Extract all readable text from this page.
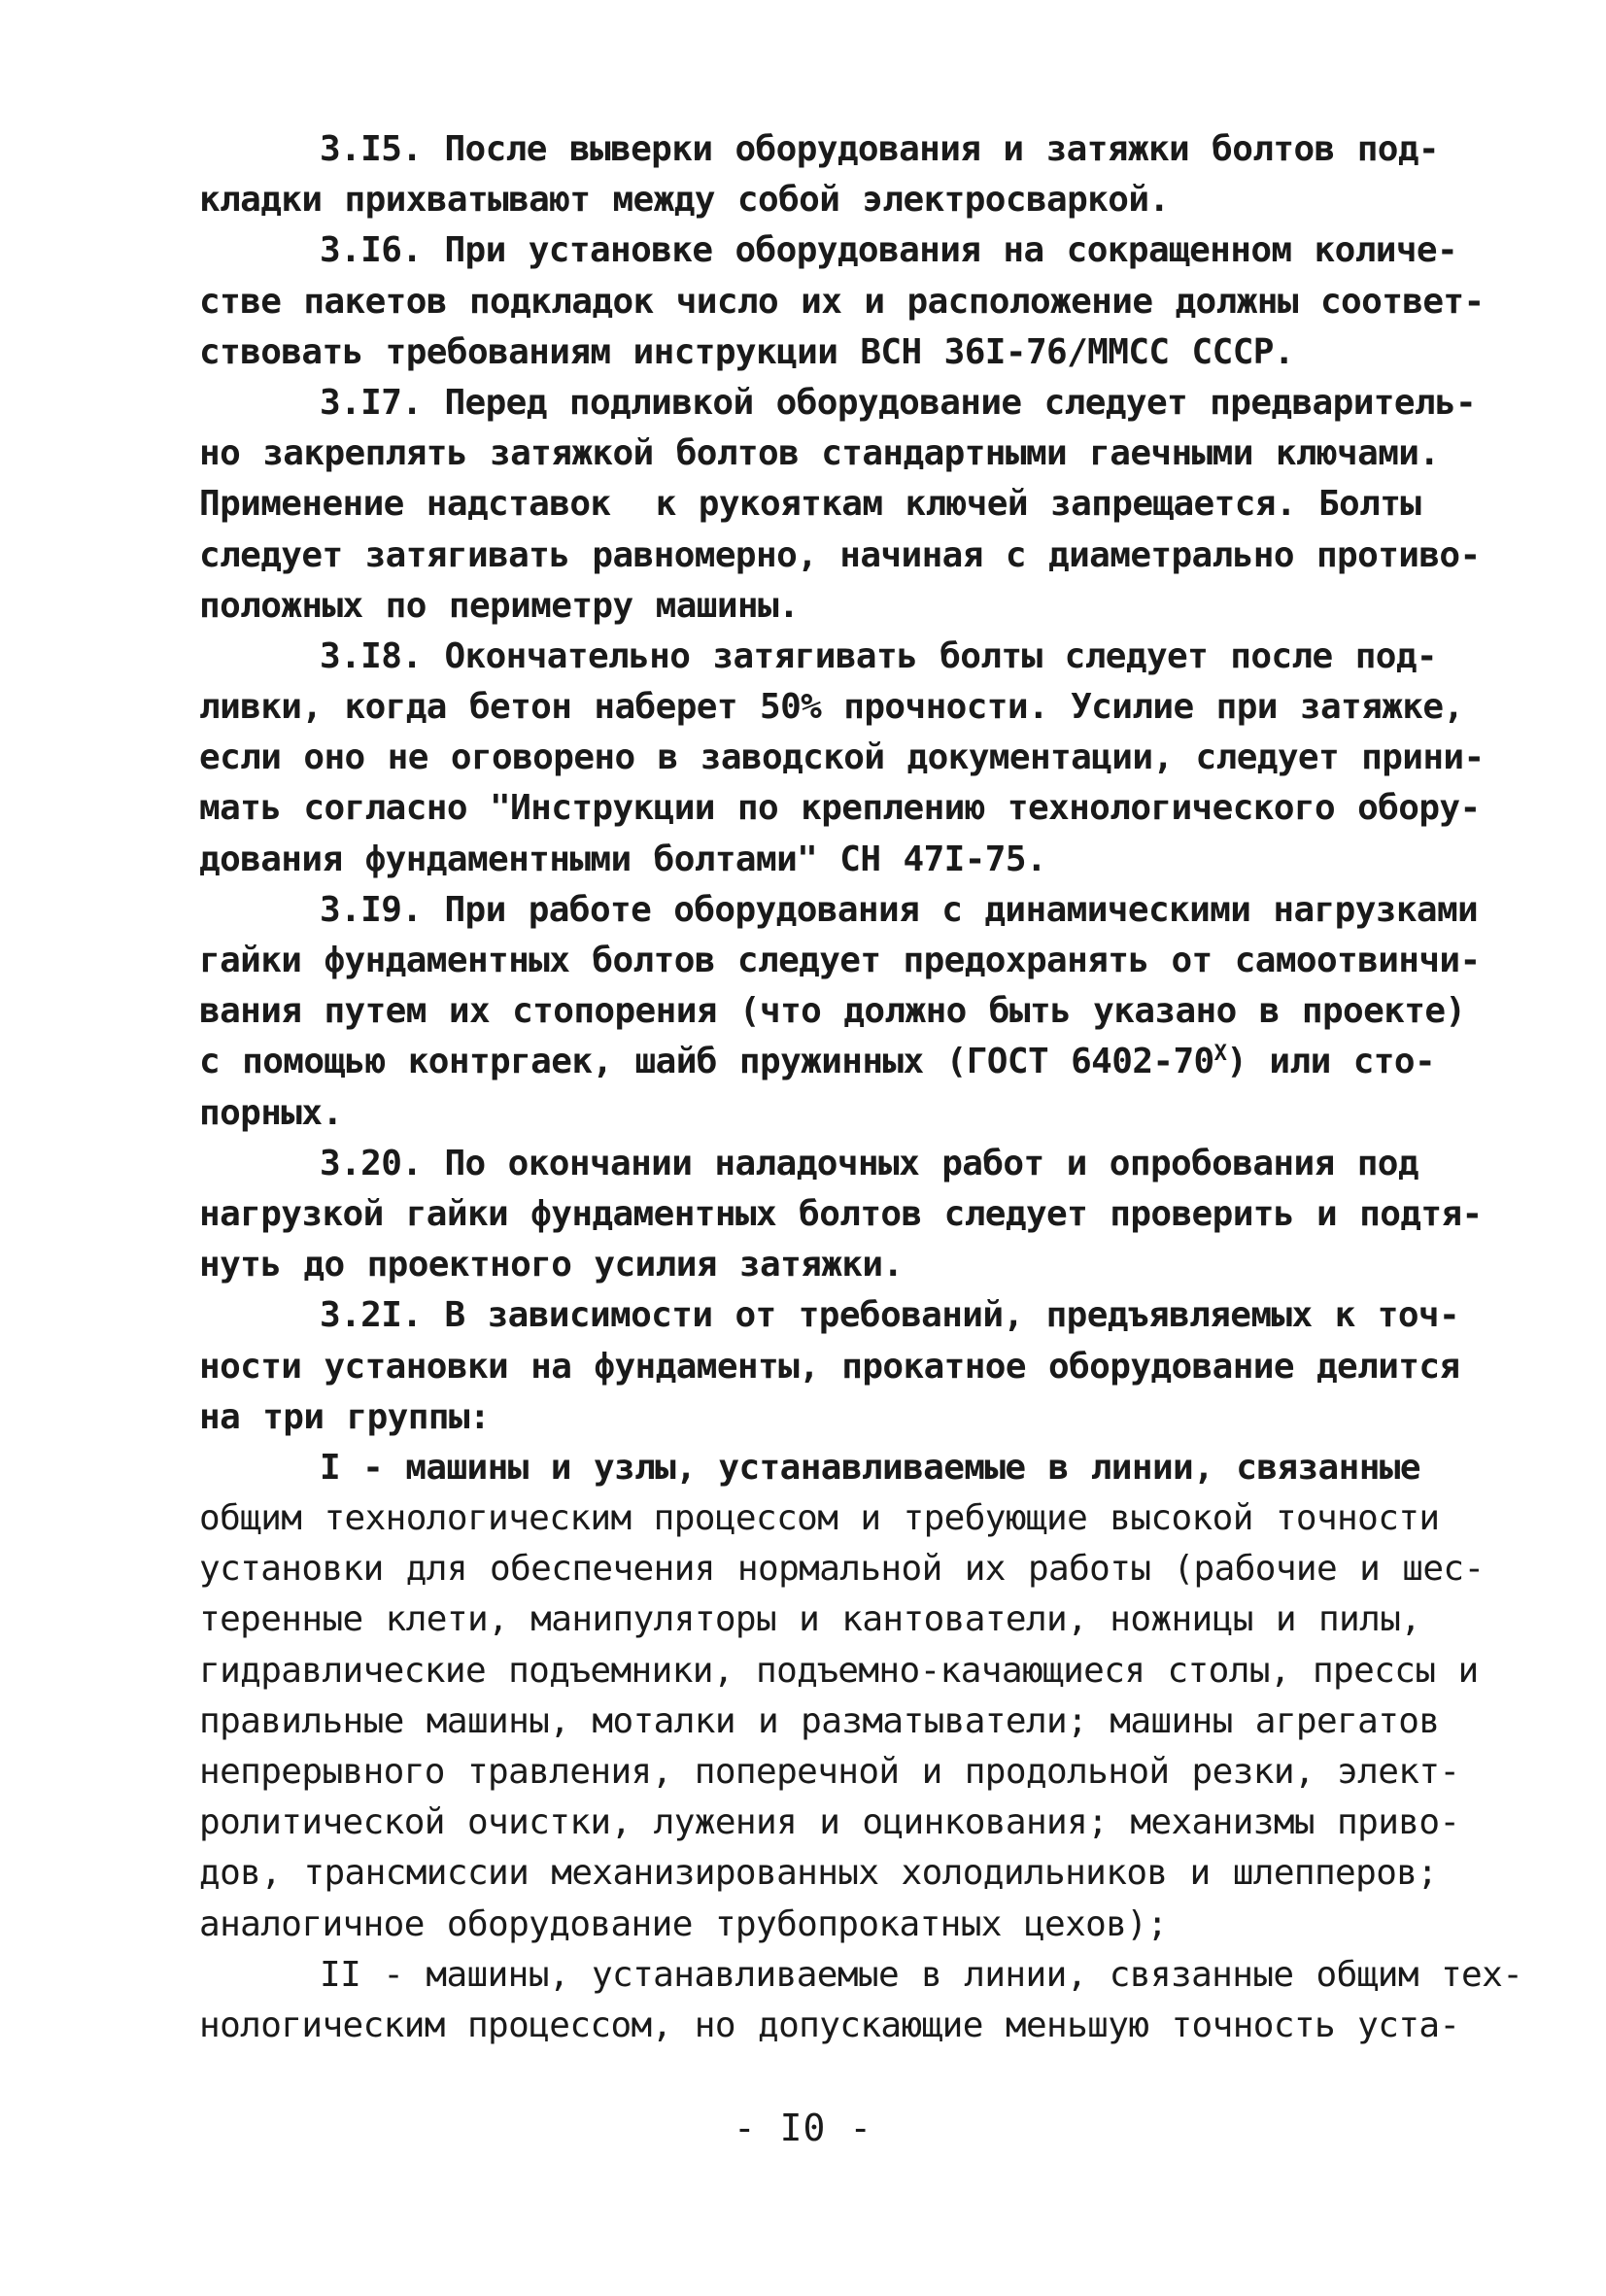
3.I5. После выверки оборудования и затяжки болтов под-
кладки прихватывают между собой электросваркой.
3.I6. При установке оборудования на сокращенном количе-
стве пакетов подкладок число их и расположение должны соответ-
ствовать требованиям инструкции ВСН 36I-76/ММСС СССР.
3.I7. Перед подливкой оборудование следует предваритель-
но закреплять затяжкой болтов стандартными гаечными ключами.
Применение надставок  к рукояткам ключей запрещается. Болты
следует затягивать равномерно, начиная с диаметрально противо-
положных по периметру машины.
3.I8. Окончательно затягивать болты следует после под-
ливки, когда бетон наберет 50% прочности. Усилие при затяжке,
если оно не оговорено в заводской документации, следует прини-
мать согласно "Инструкции по креплению технологического обору-
дования фундаментными болтами" СН 47I-75.
3.I9. При работе оборудования с динамическими нагрузками
гайки фундаментных болтов следует предохранять от самоотвинчи-
вания путем их стопорения (что должно быть указано в проекте)
с помощью контргаек, шайб пружинных (ГОСТ $6402-70^Х$) или сто-
порных.
3.20. По окончании наладочных работ и опробования под
нагрузкой гайки фундаментных болтов следует проверить и подтя-
нуть до проектного усилия затяжки.
3.2I. В зависимости от требований, предъявляемых к точ-
ности установки на фундаменты, прокатное оборудование делится
на три группы:
I - машины и узлы, устанавливаемые в линии, связанные
общим технологическим процессом и требующие высокой точности
установки для обеспечения нормальной их работы (рабочие и шес-
теренные клети, манипуляторы и кантователи, ножницы и пилы,
гидравлические подъемники, подъемно-качающиеся столы, прессы и
правильные машины, моталки и разматыватели; машины агрегатов
непрерывного травления, поперечной и продольной резки, элект-
ролитической очистки, лужения и оцинкования; механизмы приво-
дов, трансмиссии механизированных холодильников и шлепперов;
аналогичное оборудование трубопрокатных цехов);
II - машины, устанавливаемые в линии, связанные общим тех-
нологическим процессом, но допускающие меньшую точность уста-
- I0 -
